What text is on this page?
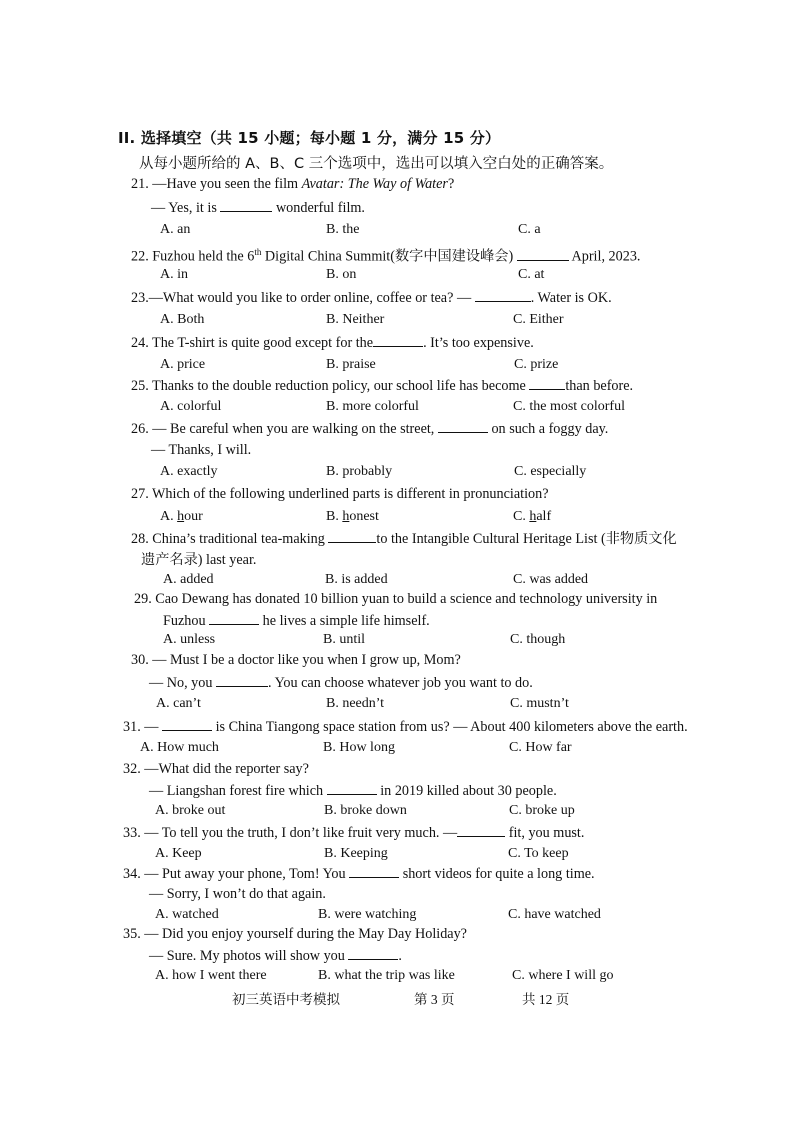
II. 选择填空（共 15 小题；每小题 1 分，满分 15 分）
从每小题所给的 A、B、C 三个选项中，选出可以填入空白处的正确答案。
21. —Have you seen the film Avatar: The Way of Water?
— Yes, it is	wonderful film.
A. an	B. the	C. a
22. Fuzhou held the 6th Digital China Summit(数字中国建设峰会)	April, 2023.
A. in	B. on	C. at
23.—What would you like to order online, coffee or tea? —	. Water is OK.
A. Both	B. Neither	C. Either
24. The T-shirt is quite good except for the	. It’s too expensive.
A. price	B. praise	C. prize
25. Thanks to the double reduction policy, our school life has become	than before.
A. colorful	B. more colorful	C. the most colorful
26. — Be careful when you are walking on the street,	on such a foggy day.
— Thanks, I will.
A. exactly	B. probably	C. especially
27. Which of the following underlined parts is different in pronunciation?
A. hour	B. honest	C. half
28. China’s traditional tea-making	to the Intangible Cultural Heritage List (非物质文化
遗产名录) last year.
A. added	B. is added	C. was added
29. Cao Dewang has donated 10 billion yuan to build a science and technology university in
Fuzhou	he lives a simple life himself.
A. unless	B. until	C. though
30. — Must I be a doctor like you when I grow up, Mom?
— No, you	. You can choose whatever job you want to do.
A. can’t	B. needn’t	C. mustn’t
31. —	is China Tiangong space station from us? — About 400 kilometers above the earth.
A. How much	B. How long	C. How far
32. —What did the reporter say?
— Liangshan forest fire which	in 2019 killed about 30 people.
A. broke out	B. broke down	C. broke up
33. — To tell you the truth, I don’t like fruit very much. —	fit, you must.
A. Keep	B. Keeping	C. To keep
34. — Put away your phone, Tom! You	short videos for quite a long time.
— Sorry, I won’t do that again.
A. watched	B. were watching	C. have watched
35. — Did you enjoy yourself during the May Day Holiday?
— Sure. My photos will show you	.
A. how I went there	B. what the trip was like	C. where I will go
初三英语中考模拟	第 3 页	共 12 页
